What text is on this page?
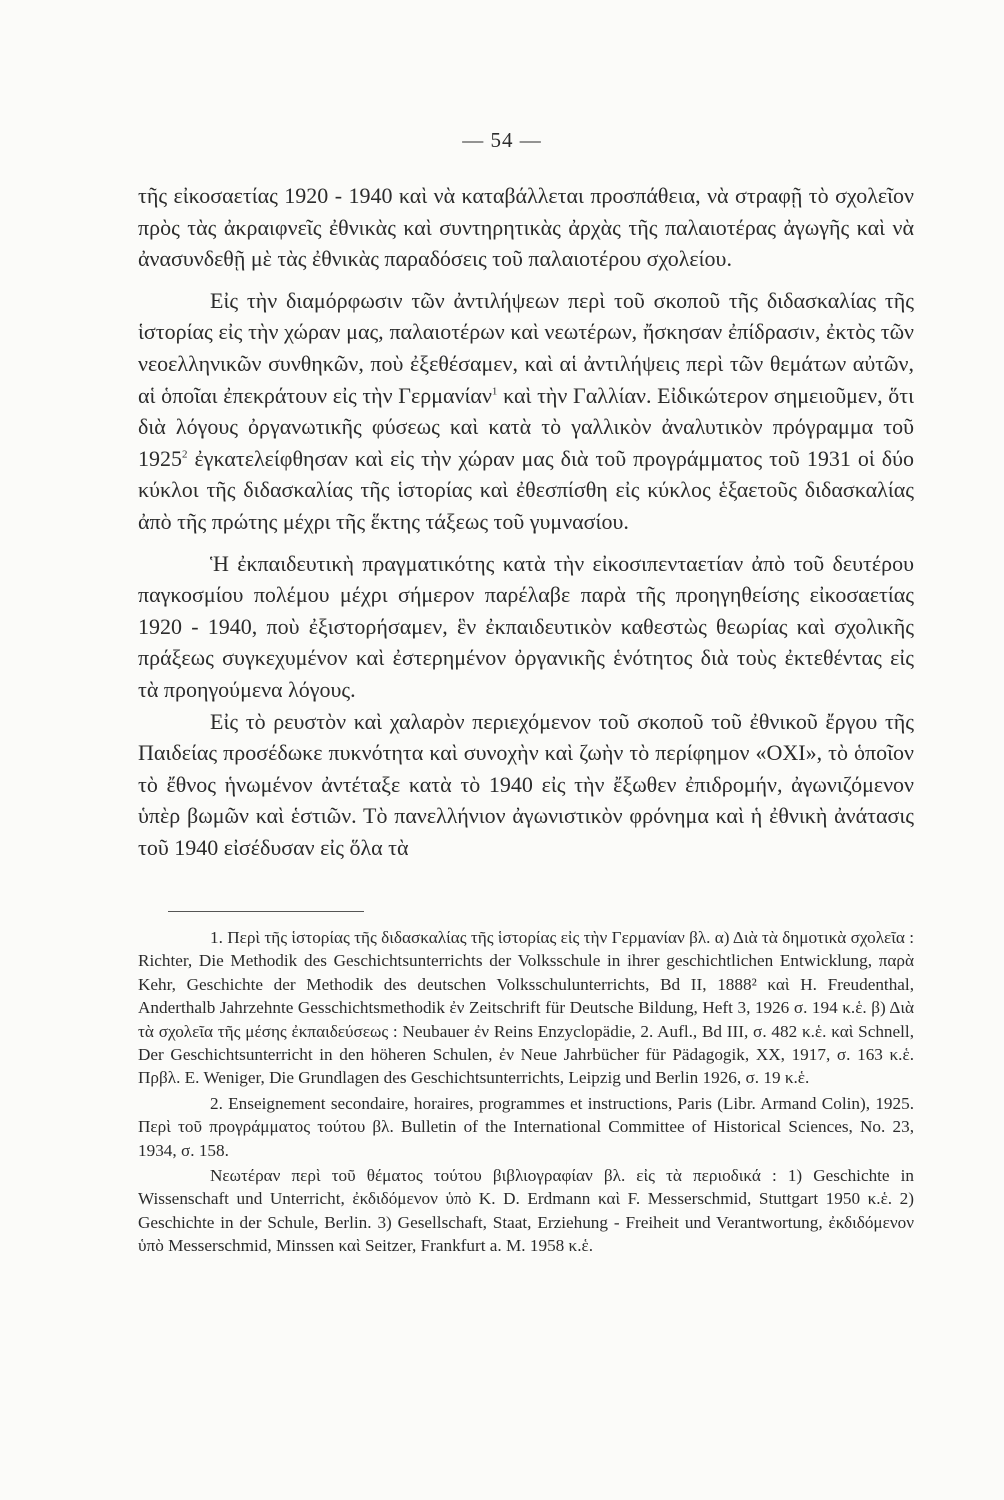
— 54 —

τῆς εἰκοσαετίας 1920 - 1940 καὶ νὰ καταβάλλεται προσπάθεια, νὰ στραφῇ τὸ σχολεῖον πρὸς τὰς ἀκραιφνεῖς ἐθνικὰς καὶ συντηρητικὰς ἀρχὰς τῆς παλαιοτέρας ἀγωγῆς καὶ νὰ ἀνασυνδεθῇ μὲ τὰς ἐθνικὰς παραδόσεις τοῦ παλαιοτέρου σχολείου.

Εἰς τὴν διαμόρφωσιν τῶν ἀντιλήψεων περὶ τοῦ σκοποῦ τῆς διδασκαλίας τῆς ἱστορίας εἰς τὴν χώραν μας, παλαιοτέρων καὶ νεωτέρων, ἤσκησαν ἐπίδρασιν, ἐκτὸς τῶν νεοελληνικῶν συνθηκῶν, ποὺ ἐξεθέσαμεν, καὶ αἱ ἀντιλήψεις περὶ τῶν θεμάτων αὐτῶν, αἱ ὁποῖαι ἐπεκράτουν εἰς τὴν Γερμανίαν$^1$ καὶ τὴν Γαλλίαν. Εἰδικώτερον σημειοῦμεν, ὅτι διὰ λόγους ὀργανωτικῆς φύσεως καὶ κατὰ τὸ γαλλικὸν ἀναλυτικὸν πρόγραμμα τοῦ 1925$^2$ ἐγκατελείφθησαν καὶ εἰς τὴν χώραν μας διὰ τοῦ προγράμματος τοῦ 1931 οἱ δύο κύκλοι τῆς διδασκαλίας τῆς ἱστορίας καὶ ἐθεσπίσθη εἰς κύκλος ἑξαετοῦς διδασκαλίας ἀπὸ τῆς πρώτης μέχρι τῆς ἕκτης τάξεως τοῦ γυμνασίου.

Ἡ ἐκπαιδευτικὴ πραγματικότης κατὰ τὴν εἰκοσιπενταετίαν ἀπὸ τοῦ δευτέρου παγκοσμίου πολέμου μέχρι σήμερον παρέλαβε παρὰ τῆς προηγηθείσης εἰκοσαετίας 1920 - 1940, ποὺ ἐξιστορήσαμεν, ἓν ἐκπαιδευτικὸν καθεστὼς θεωρίας καὶ σχολικῆς πράξεως συγκεχυμένον καὶ ἐστερημένον ὀργανικῆς ἑνότητος διὰ τοὺς ἐκτεθέντας εἰς τὰ προηγούμενα λόγους.

Εἰς τὸ ρευστὸν καὶ χαλαρὸν περιεχόμενον τοῦ σκοποῦ τοῦ ἐθνικοῦ ἔργου τῆς Παιδείας προσέδωκε πυκνότητα καὶ συνοχὴν καὶ ζωὴν τὸ περίφημον «ΟΧΙ», τὸ ὁποῖον τὸ ἔθνος ἡνωμένον ἀντέταξε κατὰ τὸ 1940 εἰς τὴν ἔξωθεν ἐπιδρομήν, ἀγωνιζόμενον ὑπὲρ βωμῶν καὶ ἑστιῶν. Τὸ πανελλήνιον ἀγωνιστικὸν φρόνημα καὶ ἡ ἐθνικὴ ἀνάτασις τοῦ 1940 εἰσέδυσαν εἰς ὅλα τὰ

1. Περὶ τῆς ἱστορίας τῆς διδασκαλίας τῆς ἱστορίας εἰς τὴν Γερμανίαν βλ. α) Διὰ τὰ δημοτικὰ σχολεῖα : Richter, Die Methodik des Geschichtsunterrichts der Volksschule in ihrer geschichtlichen Entwicklung, παρὰ Kehr, Geschichte der Methodik des deutschen Volksschulunterrichts, Bd II, 1888² καὶ H. Freudenthal, Anderthalb Jahrzehnte Gesschichtsmethodik ἐν Zeitschrift für Deutsche Bildung, Heft 3, 1926 σ. 194 κ.ἑ. β) Διὰ τὰ σχολεῖα τῆς μέσης ἐκπαιδεύσεως : Neubauer ἐν Reins Enzyclopädie, 2. Aufl., Bd III, σ. 482 κ.ἑ. καὶ Schnell, Der Geschichtsunterricht in den höheren Schulen, ἐν Neue Jahrbücher für Pädagogik, XX, 1917, σ. 163 κ.ἑ. Πρβλ. E. Weniger, Die Grundlagen des Geschichtsunterrichts, Leipzig und Berlin 1926, σ. 19 κ.ἑ.

2. Enseignement secondaire, horaires, programmes et instructions, Paris (Libr. Armand Colin), 1925. Περὶ τοῦ προγράμματος τούτου βλ. Bulletin of the International Committee of Historical Sciences, No. 23, 1934, σ. 158.

Νεωτέραν περὶ τοῦ θέματος τούτου βιβλιογραφίαν βλ. εἰς τὰ περιοδικά : 1) Geschichte in Wissenschaft und Unterricht, ἐκδιδόμενον ὑπὸ K. D. Erdmann καὶ F. Messerschmid, Stuttgart 1950 κ.ἑ. 2) Geschichte in der Schule, Berlin. 3) Gesellschaft, Staat, Erziehung - Freiheit und Verantwortung, ἐκδιδόμενον ὑπὸ Messerschmid, Minssen καὶ Seitzer, Frankfurt a. M. 1958 κ.ἑ.
